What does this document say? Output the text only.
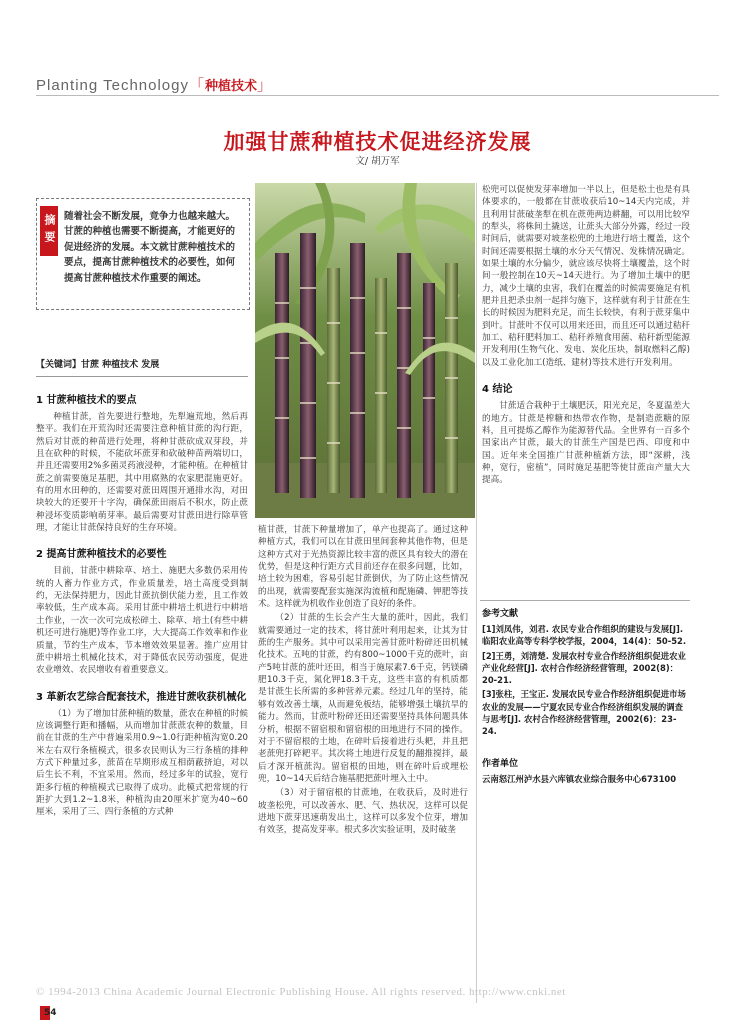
Planting Technology「种植技术」
加强甘蔗种植技术促进经济发展
文/ 胡万军
摘要 随着社会不断发展，竞争力也越来越大。甘蔗的种植也需要不断提高，才能更好的促进经济的发展。本文就甘蔗种植技术的要点，提高甘蔗种植技术的必要性，如何提高甘蔗种植技术作重要的阐述。
【关键词】甘蔗 种植技术 发展
1 甘蔗种植技术的要点
种植甘蔗，首先要进行整地，先犁遍荒地，然后再整平。我们在开荒沟时还需要注意种植甘蔗的沟行距，然后对甘蔗的种苗进行处理，将种甘蔗砍成双芽段，并且在砍种的时候，不能砍坏蔗芽和砍破种苗两端切口，并且还需要用2%多菌灵药液浸种，才能种植。在种植甘蔗之前需要施足基肥，其中用腐熟的农家肥混施更好。有的用水田种的，还需要对蔗田周围开通排水沟，对田块较大的还要开十字沟，确保蔗田雨后不积水，防止蔗种浸坏变质影响萌芽率。最后需要对甘蔗田进行除草管理，才能让甘蔗保持良好的生存环境。
2 提高甘蔗种植技术的必要性
目前，甘蔗中耕除草、培土、施肥大多数仍采用传统的人畜力作业方式，作业质量差，培土高度受到制约，无法保持肥力，因此甘蔗抗倒伏能力差，且工作效率较低，生产成本高。采用甘蔗中耕培土机进行中耕培土作业，一次一次可完成松碎土、除草、培土(有些中耕机还可进行施肥)等作业工序，大大提高工作效率和作业质量，节约生产成本，节本增效效果显著。推广应用甘蔗中耕培土机械化技术，对于降低农民劳动强度，促进农业增效、农民增收有着重要意义。
3 革新农艺综合配套技术，推进甘蔗收获机械化
（1）为了增加甘蔗种植的数量，蔗农在种植的时候应该调整行距和播幅，从而增加甘蔗蔗农种的数量，目前在甘蔗的生产中普遍采用0.9~1.0行距种植沟宽0.20米左右双行条植模式，很多农民则认为三行条植的排种方式下种量过多，蔗苗在早期形成互相荫蔽挤迫，对以后生长不利，不宜采用。然而，经过多年的试验，宽行距多行植的种植模式已取得了成功。此模式把常规的行距扩大到1.2~1.8米，种植沟由20厘米扩宽为40~60厘米，采用了三、四行条植的方式种
植甘蔗，甘蔗下种量增加了，单产也提高了。通过这种种植方式，我们可以在甘蔗田里间套种其他作物，但是这种方式对于光热资源比较丰富的蔗区具有较大的潜在优势，但是这种行距方式目前还存在很多问题，比如，培土较为困难，容易引起甘蔗倒伏，为了防止这些情况的出现，就需要配套实施深沟流植和配施磷、钾肥等技术。这样就为机收作业创造了良好的条件。
（2）甘蔗的生长会产生大量的蔗叶，因此，我们就需要通过一定的技术，将甘蔗叶利用起来，让其为甘蔗的生产服务。其中可以采用完善甘蔗叶粉碎还田机械化技术。五吨的甘蔗，约有800~1000千克的蔗叶，亩产5吨甘蔗的蔗叶还田，相当于施尿素7.6千克，钙镁磷肥10.3千克，氮化钾18.3千克，这些丰富的有机质都是甘蔗生长所需的多种营养元素。经过几年的坚持，能够有效改善土壤，从而避免板结，能够增强土壤抗旱的能力。然而，甘蔗叶粉碎还田还需要坚持具体问题具体分析，根据不留宿根和留宿根的田地进行不同的操作。对于不留宿根的土地，在碎叶后接着进行头耙，并且把老蔗兜打碎耙平。其次将土地进行反复的翻推搅拌，最后才深开植蔗沟。留宿根的田地，则在碎叶后或埋松兜，10~14天后结合施基肥把蔗叶埋入土中。
（3）对于留宿根的甘蔗地，在收获后，及时进行坡垄松兜，可以改善水、肥、气、热状况，这样可以促进地下蔗芽迅速萌发出土，这样可以多发个位芽，增加有效茎，提高发芽率。根式多次实验证明，及时破垄
松兜可以促使发芽率增加一半以上，但是松土也是有具体要求的，一般都在甘蔗收获后10~14天内完成，并且利用甘蔗破垄犁在机在蔗蔸两边耕翻，可以用比较窄的犁头，将株间土撬送，让蔗头大部分外露，经过一段时间后，就需要对坡垄松兜的土地进行培土覆盖，这个时间还需要根据土壤的水分天气情况、发株情况确定。如果土壤的水分偏少，就应该尽快将土壤覆盖，这个时间一般控制在10天~14天进行。为了增加土壤中的肥力，减少土壤的虫害，我们在覆盖的时候需要施足有机肥并且把杀虫剂一起拌匀施下，这样就有利于甘蔗在生长的时候因为肥料充足，而生长较快，有利于蔗芽集中到叶。甘蔗叶不仅可以用来还田，而且还可以通过秸秆加工、秸秆肥料加工、秸秆养殖食用菌、秸秆新型能源开发利用(生物气化、发电、炭化压块，制取燃料乙醇)以及工业化加工(造纸、建材)等技术进行开发利用。
4 结论
甘蔗适合栽种于土壤肥沃，阳光充足，冬夏温差大的地方。甘蔗是榨糖和热带农作物，是制造蔗糖的原料，且可提炼乙醇作为能源替代品。全世界有一百多个国家出产甘蔗，最大的甘蔗生产国是巴西、印度和中国。近年来全国推广甘蔗种植新方法，即“深耕，浅种，宽行，密植”，同时施足基肥等使甘蔗亩产量大大提高。
参考文献
[1]刘凤伟，刘君. 农民专业合作组织的建设与发展[J]. 临阳农业高等专科学校学报，2004，14(4)：50-52.
[2]王勇，刘清楚. 发展农村专业合作经济组织促进农业产业化经营[J]. 农村合作经济经营管理，2002(8)：20-21.
[3]张柱，王宝正. 发展农民专业合作经济组织促进市场农业的发展——宁夏农民专业合作经济组织发展的调查与思考[J]. 农村合作经济经营管理，2002(6)：23-24.
作者单位
云南怒江州泸水县六库镇农业综合服务中心673100
© 1994-2013 China Academic Journal Electronic Publishing House. All rights reserved. http://www.cnki.net
54
